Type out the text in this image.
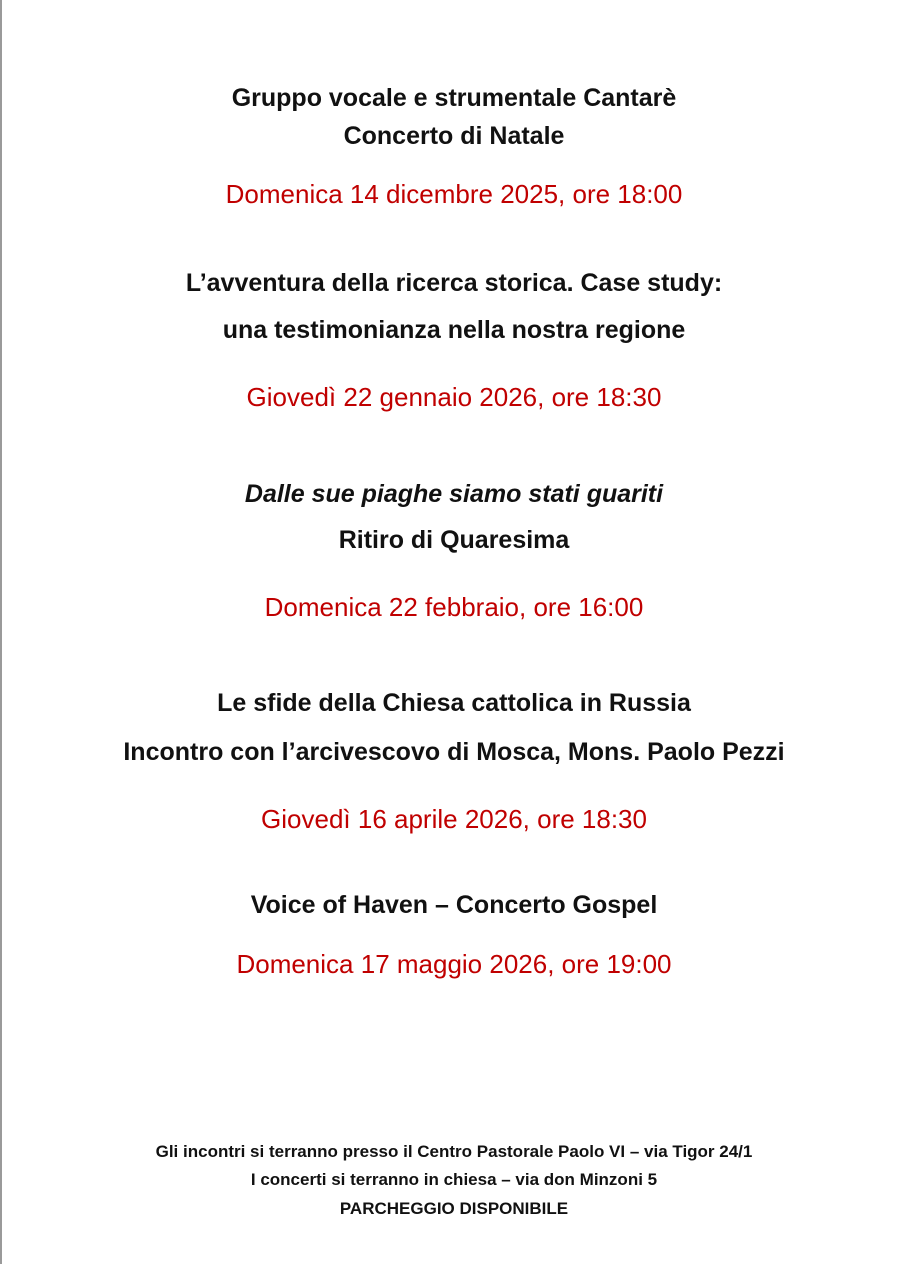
Gruppo vocale e strumentale Cantarè
Concerto di Natale
Domenica 14 dicembre 2025, ore 18:00
L’avventura della ricerca storica. Case study:
una testimonianza nella nostra regione
Giovedì 22 gennaio 2026, ore 18:30
Dalle sue piaghe siamo stati guariti
Ritiro di Quaresima
Domenica 22 febbraio, ore 16:00
Le sfide della Chiesa cattolica in Russia
Incontro con l’arcivescovo di Mosca, Mons. Paolo Pezzi
Giovedì 16 aprile 2026, ore 18:30
Voice of Haven – Concerto Gospel
Domenica 17 maggio 2026, ore 19:00
Gli incontri si terranno presso il Centro Pastorale Paolo VI – via Tigor 24/1
I concerti si terranno in chiesa – via don Minzoni 5
PARCHEGGIO DISPONIBILE
